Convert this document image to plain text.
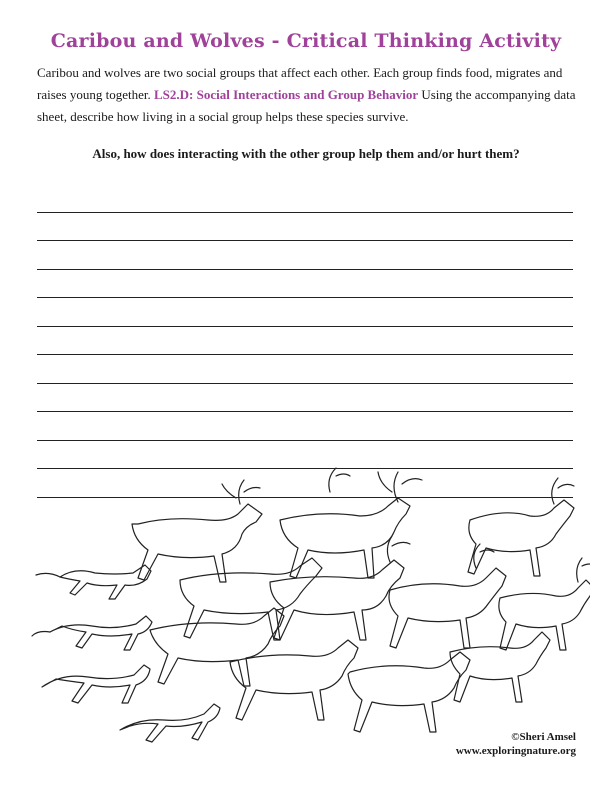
Caribou and Wolves - Critical Thinking Activity
Caribou and wolves are two social groups that affect each other. Each group finds food, migrates and raises young together. LS2.D: Social Interactions and Group Behavior Using the accompanying data sheet, describe how living in a social group helps these species survive.
Also, how does interacting with the other group help them and/or hurt them?
©Sheri Amsel
www.exploringnature.org
